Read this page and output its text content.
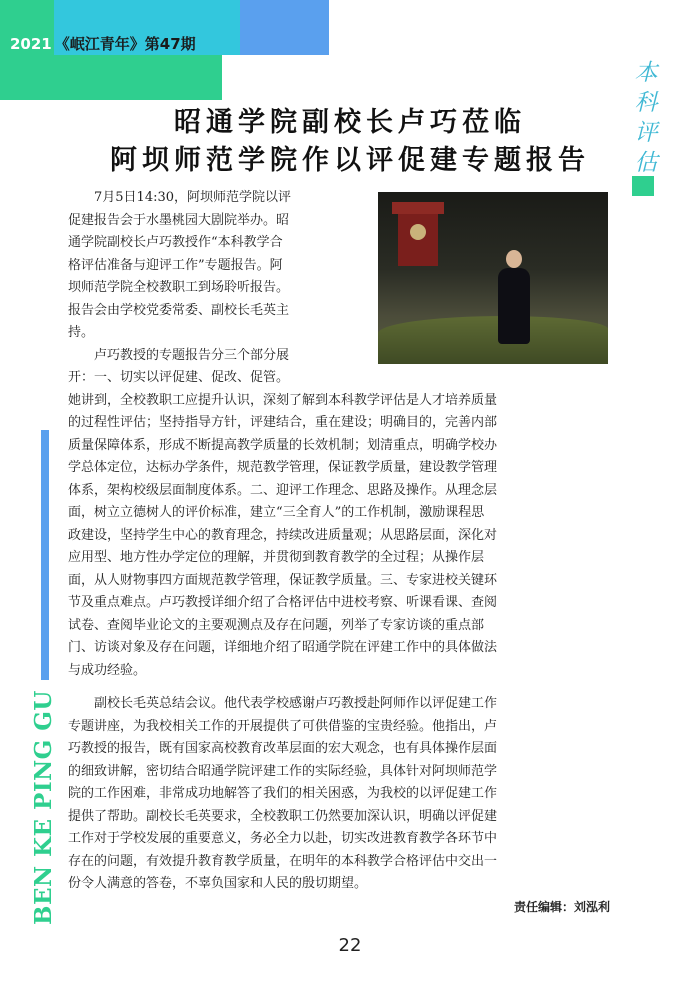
2021 《岷江青年》第47期
本
科
评
估
昭通学院副校长卢巧莅临
阿坝师范学院作以评促建专题报告

7月5日14:30，阿坝师范学院以评
促建报告会于水墨桃园大剧院举办。昭
通学院副校长卢巧教授作“本科教学合
格评估准备与迎评工作”专题报告。阿
坝师范学院全校教职工到场聆听报告。
报告会由学校党委常委、副校长毛英主
持。

卢巧教授的专题报告分三个部分展
开：一、切实以评促建、促改、促管。
她讲到，全校教职工应提升认识，深刻了解到本科教学评估是人才培养质量
的过程性评估；坚持指导方针，评建结合，重在建设；明确目的，完善内部
质量保障体系，形成不断提高教学质量的长效机制；划清重点，明确学校办
学总体定位，达标办学条件，规范教学管理，保证教学质量，建设教学管理
体系，架构校级层面制度体系。二、迎评工作理念、思路及操作。从理念层
面，树立立德树人的评价标准，建立“三全育人”的工作机制，激励课程思
政建设，坚持学生中心的教育理念，持续改进质量观；从思路层面，深化对
应用型、地方性办学定位的理解，并贯彻到教育教学的全过程；从操作层
面，从人财物事四方面规范教学管理，保证教学质量。三、专家进校关键环
节及重点难点。卢巧教授详细介绍了合格评估中进校考察、听课看课、查阅
试卷、查阅毕业论文的主要观测点及存在问题，列举了专家访谈的重点部
门、访谈对象及存在问题，详细地介绍了昭通学院在评建工作中的具体做法
与成功经验。

副校长毛英总结会议。他代表学校感谢卢巧教授赴阿师作以评促建工作
专题讲座，为我校相关工作的开展提供了可供借鉴的宝贵经验。他指出，卢
巧教授的报告，既有国家高校教育改革层面的宏大观念，也有具体操作层面
的细致讲解，密切结合昭通学院评建工作的实际经验，具体针对阿坝师范学
院的工作困难，非常成功地解答了我们的相关困惑，为我校的以评促建工作
提供了帮助。副校长毛英要求，全校教职工仍然要加深认识，明确以评促建
工作对于学校发展的重要意义，务必全力以赴，切实改进教育教学各环节中
存在的问题，有效提升教育教学质量，在明年的本科教学合格评估中交出一
份令人满意的答卷，不辜负国家和人民的殷切期望。

责任编辑：刘泓利
22
BEN KE PING GU
